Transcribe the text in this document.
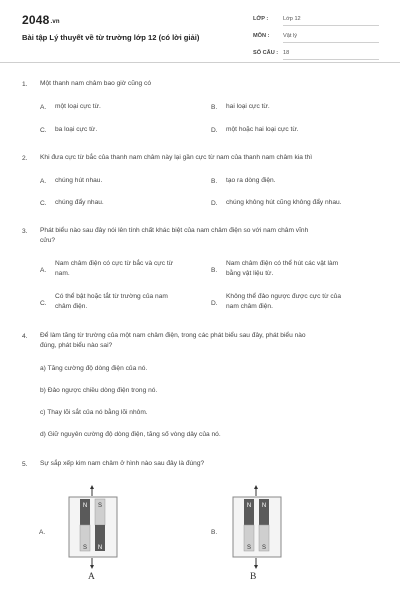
2048.vn
Bài tập Lý thuyết về từ trường lớp 12 (có lời giải)
LỚP :	Lớp 12
MÔN : Vật lý
SỐ CÂU : 18
1. Một thanh nam châm bao giờ cũng có
A. một loại cực từ.	B. hai loại cực từ.
C. ba loại cực từ.	D. một hoặc hai loại cực từ.
2. Khi đưa cực từ bắc của thanh nam châm này lại gần cực từ nam của thanh nam châm kia thì
A. chúng hút nhau.	B. tạo ra dòng điện.
C. chúng đẩy nhau.	D. chúng không hút cũng không đẩy nhau.
3. Phát biểu nào sau đây nói lên tính chất khác biệt của nam châm điện so với nam châm vĩnh
cửu?
A.
Nam châm điện có cực từ bắc và cực từ
nam.	B.
Nam châm điện có thể hút các vật làm
bằng vật liệu từ.
C.
Có thể bật hoặc tắt từ trường của nam
châm điện.	D.
Không thể đảo ngược được cực từ của
nam châm điện.
4. Để làm tăng từ trường của một nam châm điện, trong các phát biểu sau đây, phát biểu nào
đúng, phát biểu nào sai?
a) Tăng cường độ dòng điện của nó.
b) Đảo ngược chiều dòng điện trong nó.
c) Thay lõi sắt của nó bằng lõi nhôm.
d) Giữ nguyên cường độ dòng điện, tăng số vòng dây của nó.
5. Sự sắp xếp kim nam châm ở hình nào sau đây là đúng?
A.
N
S
S
N
A
B.
N
S
N
S
B
